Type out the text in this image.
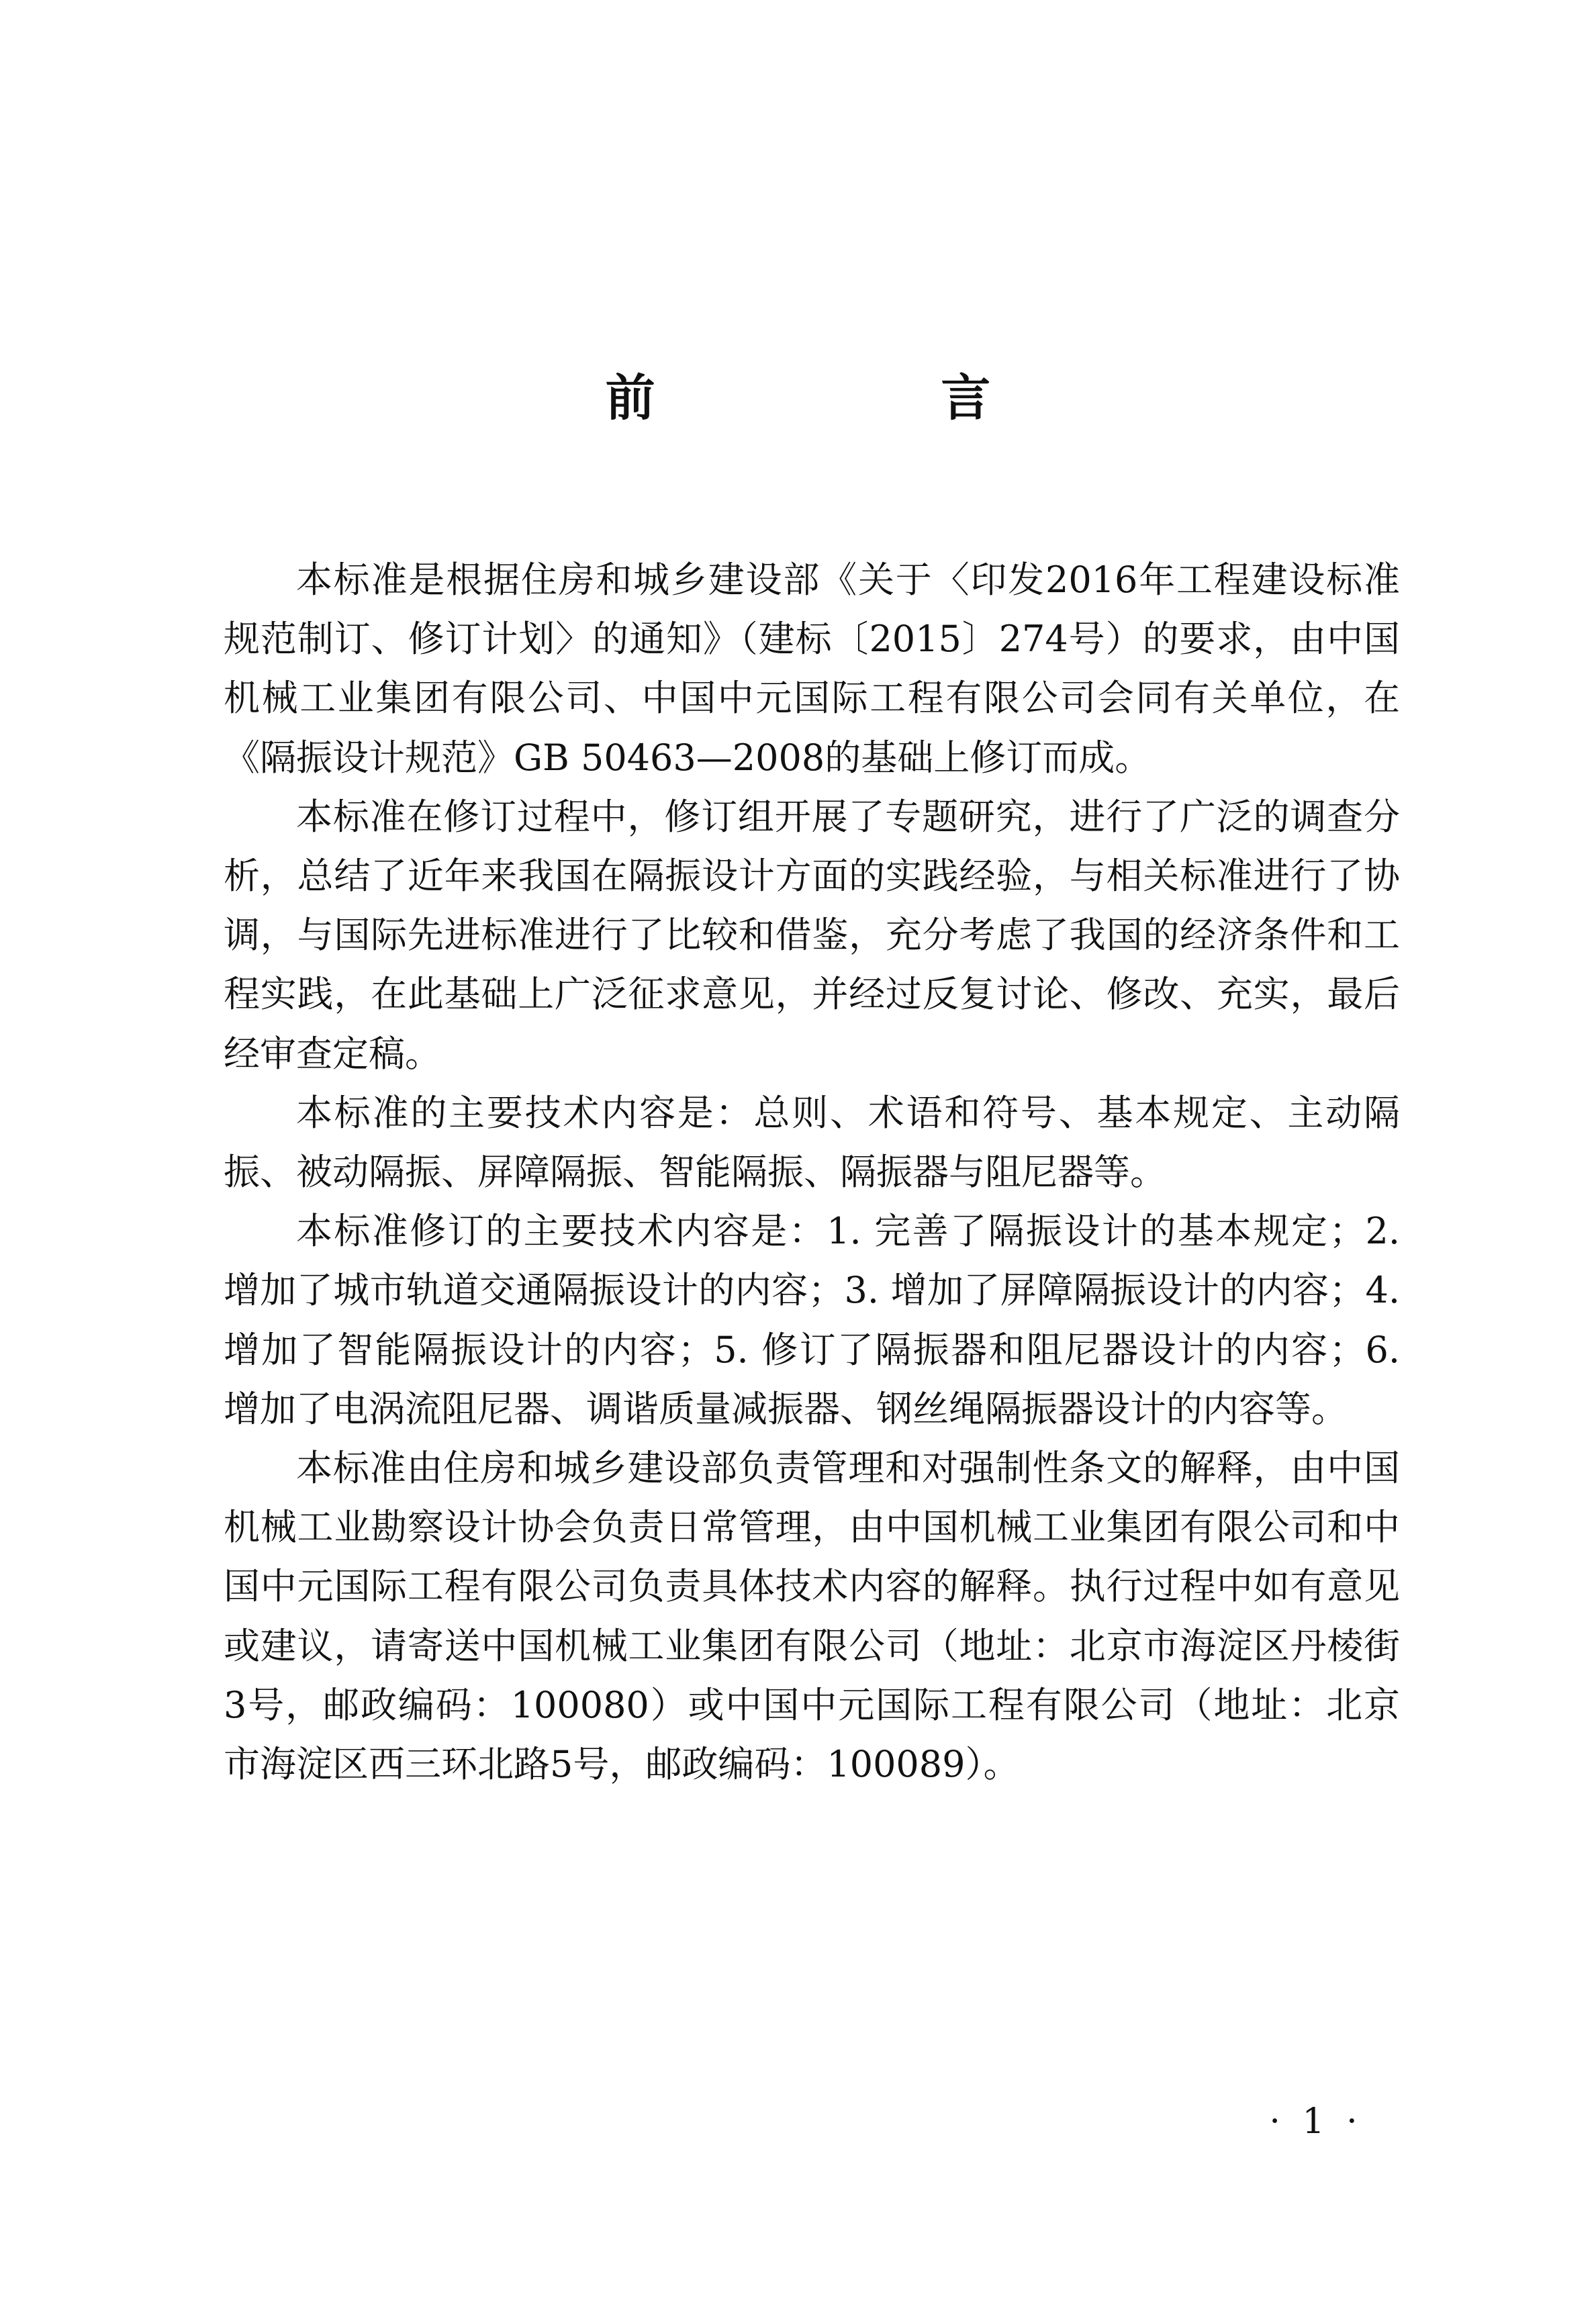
前 言

本标准是根据住房和城乡建设部《关于〈印发2016年工程建设标准规范制订、修订计划〉的通知》（建标〔2015〕274号）的要求，由中国机械工业集团有限公司、中国中元国际工程有限公司会同有关单位，在《隔振设计规范》GB 50463—2008的基础上修订而成。

本标准在修订过程中，修订组开展了专题研究，进行了广泛的调查分析，总结了近年来我国在隔振设计方面的实践经验，与相关标准进行了协调，与国际先进标准进行了比较和借鉴，充分考虑了我国的经济条件和工程实践，在此基础上广泛征求意见，并经过反复讨论、修改、充实，最后经审查定稿。

本标准的主要技术内容是：总则、术语和符号、基本规定、主动隔振、被动隔振、屏障隔振、智能隔振、隔振器与阻尼器等。

本标准修订的主要技术内容是：1. 完善了隔振设计的基本规定；2. 增加了城市轨道交通隔振设计的内容；3. 增加了屏障隔振设计的内容；4. 增加了智能隔振设计的内容；5. 修订了隔振器和阻尼器设计的内容；6. 增加了电涡流阻尼器、调谐质量减振器、钢丝绳隔振器设计的内容等。

本标准由住房和城乡建设部负责管理和对强制性条文的解释，由中国机械工业勘察设计协会负责日常管理，由中国机械工业集团有限公司和中国中元国际工程有限公司负责具体技术内容的解释。执行过程中如有意见或建议，请寄送中国机械工业集团有限公司（地址：北京市海淀区丹棱街3号，邮政编码：100080）或中国中元国际工程有限公司（地址：北京市海淀区西三环北路5号，邮政编码：100089）。

· 1 ·
